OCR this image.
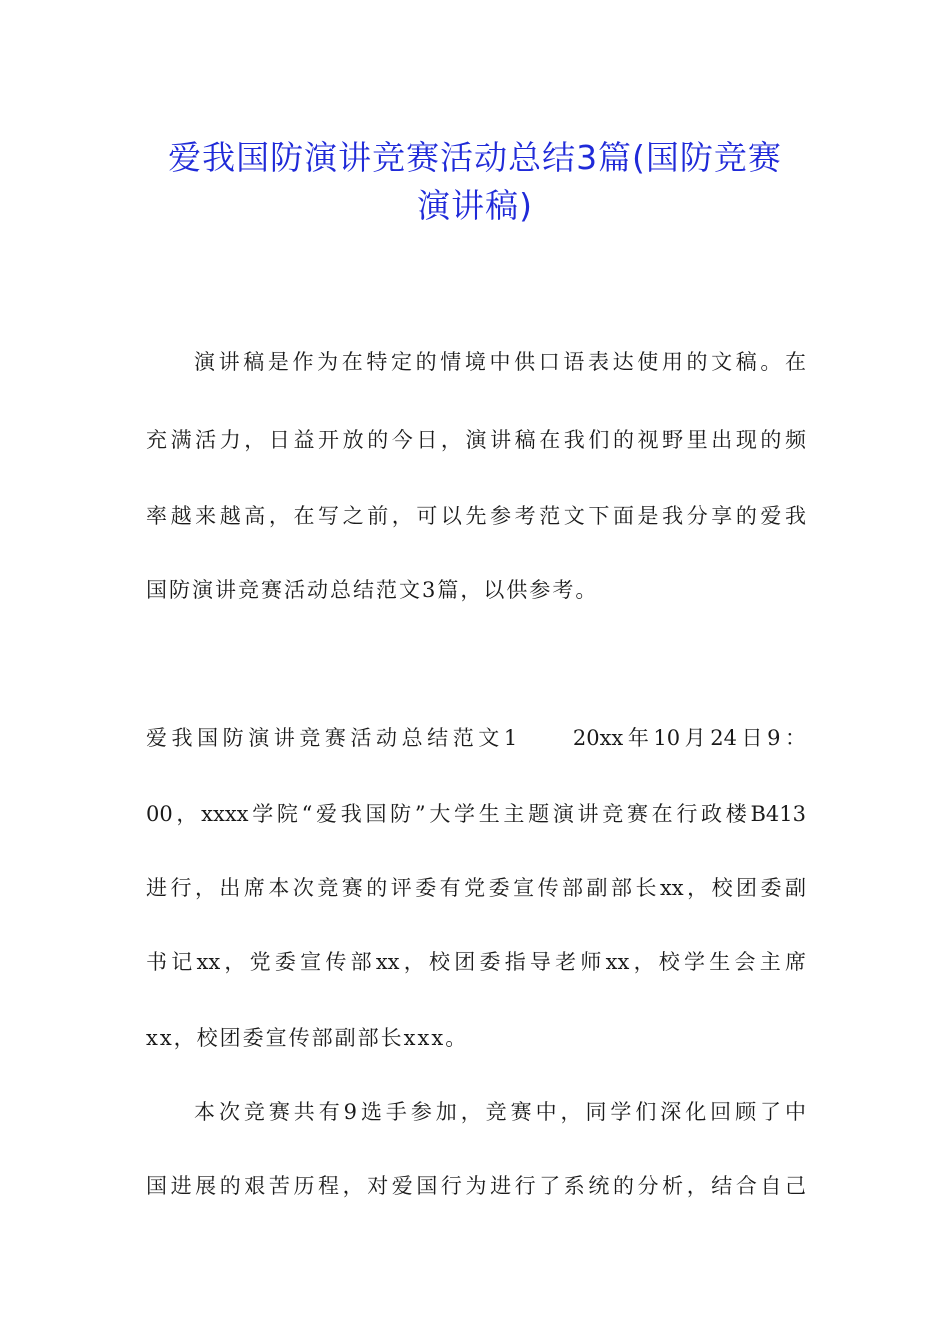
爱我国防演讲竞赛活动总结3篇(国防竞赛
演讲稿)
演讲稿是作为在特定的情境中供口语表达使用的文稿。在
充满活力，日益开放的今日，演讲稿在我们的视野里出现的频
率越来越高，在写之前，可以先参考范文下面是我分享的爱我
国防演讲竞赛活动总结范文3篇，以供参考。
爱我国防演讲竞赛活动总结范文1　　20xx年10月24日9：
00，xxxx学院“爱我国防”大学生主题演讲竞赛在行政楼B413
进行，出席本次竞赛的评委有党委宣传部副部长xx，校团委副
书记xx，党委宣传部xx，校团委指导老师xx，校学生会主席
xx，校团委宣传部副部长xxx。
本次竞赛共有9选手参加，竞赛中，同学们深化回顾了中
国进展的艰苦历程，对爱国行为进行了系统的分析，结合自己
